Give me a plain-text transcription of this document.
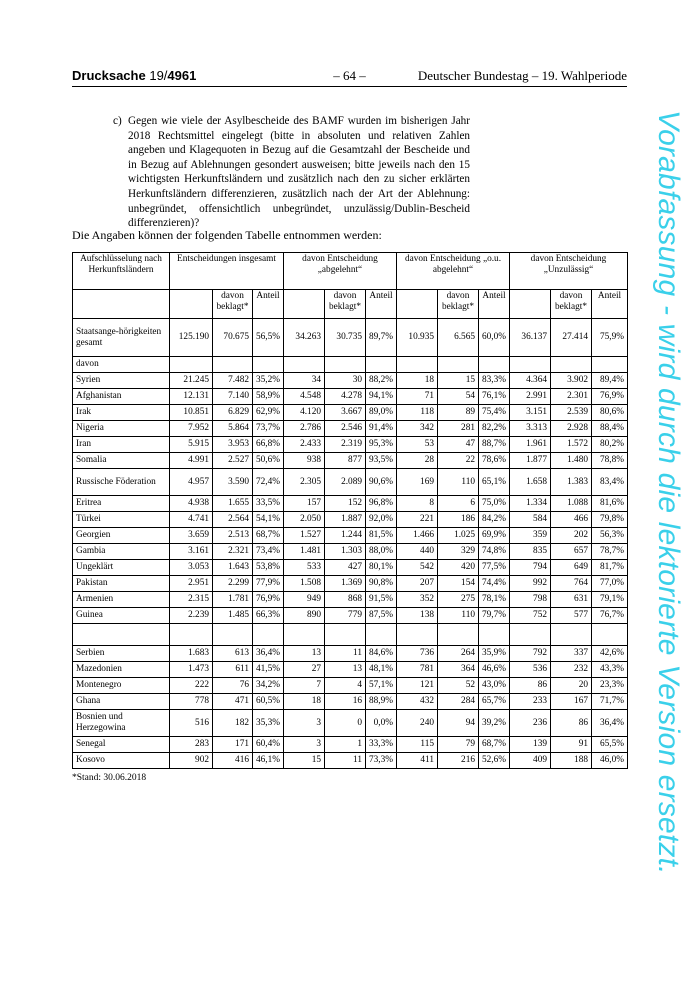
Drucksache 19/4961	– 64 –	Deutscher Bundestag – 19. Wahlperiode
c) Gegen wie viele der Asylbescheide des BAMF wurden im bisherigen Jahr 2018 Rechtsmittel eingelegt (bitte in absoluten und relativen Zahlen angeben und Klagequoten in Bezug auf die Gesamtzahl der Bescheide und in Bezug auf Ablehnungen gesondert ausweisen; bitte jeweils nach den 15 wichtigsten Herkunftsländern und zusätzlich nach den zu sicher erklärten Herkunftsländern differenzieren, zusätzlich nach der Art der Ablehnung: unbegründet, offensichtlich unbegründet, unzulässig/Dublin-Bescheid differenzieren)?
Die Angaben können der folgenden Tabelle entnommen werden:
Aufschlüsselung nach Herkunftsländern	Entscheidungen insgesamt			davon Entscheidung „abgelehnt“			davon Entscheidung „o.u. abgelehnt“			davon Entscheidung „Unzulässig“		
		davon beklagt*	Anteil		davon beklagt*	Anteil		davon beklagt*	Anteil		davon beklagt*	Anteil
Staatsange-hörigkeiten gesamt	125.190	70.675	56,5%	34.263	30.735	89,7%	10.935	6.565	60,0%	36.137	27.414	75,9%
davon												
Syrien	21.245	7.482	35,2%	34	30	88,2%	18	15	83,3%	4.364	3.902	89,4%
Afghanistan	12.131	7.140	58,9%	4.548	4.278	94,1%	71	54	76,1%	2.991	2.301	76,9%
Irak	10.851	6.829	62,9%	4.120	3.667	89,0%	118	89	75,4%	3.151	2.539	80,6%
Nigeria	7.952	5.864	73,7%	2.786	2.546	91,4%	342	281	82,2%	3.313	2.928	88,4%
Iran	5.915	3.953	66,8%	2.433	2.319	95,3%	53	47	88,7%	1.961	1.572	80,2%
Somalia	4.991	2.527	50,6%	938	877	93,5%	28	22	78,6%	1.877	1.480	78,8%
Russische Föderation	4.957	3.590	72,4%	2.305	2.089	90,6%	169	110	65,1%	1.658	1.383	83,4%
Eritrea	4.938	1.655	33,5%	157	152	96,8%	8	6	75,0%	1.334	1.088	81,6%
Türkei	4.741	2.564	54,1%	2.050	1.887	92,0%	221	186	84,2%	584	466	79,8%
Georgien	3.659	2.513	68,7%	1.527	1.244	81,5%	1.466	1.025	69,9%	359	202	56,3%
Gambia	3.161	2.321	73,4%	1.481	1.303	88,0%	440	329	74,8%	835	657	78,7%
Ungeklärt	3.053	1.643	53,8%	533	427	80,1%	542	420	77,5%	794	649	81,7%
Pakistan	2.951	2.299	77,9%	1.508	1.369	90,8%	207	154	74,4%	992	764	77,0%
Armenien	2.315	1.781	76,9%	949	868	91,5%	352	275	78,1%	798	631	79,1%
Guinea	2.239	1.485	66,3%	890	779	87,5%	138	110	79,7%	752	577	76,7%

Serbien	1.683	613	36,4%	13	11	84,6%	736	264	35,9%	792	337	42,6%
Mazedonien	1.473	611	41,5%	27	13	48,1%	781	364	46,6%	536	232	43,3%
Montenegro	222	76	34,2%	7	4	57,1%	121	52	43,0%	86	20	23,3%
Ghana	778	471	60,5%	18	16	88,9%	432	284	65,7%	233	167	71,7%
Bosnien und Herzegowina	516	182	35,3%	3	0	0,0%	240	94	39,2%	236	86	36,4%
Senegal	283	171	60,4%	3	1	33,3%	115	79	68,7%	139	91	65,5%
Kosovo	902	416	46,1%	15	11	73,3%	411	216	52,6%	409	188	46,0%
*Stand: 30.06.2018	Vorabfassung - wird durch die lektorierte Version ersetzt.
